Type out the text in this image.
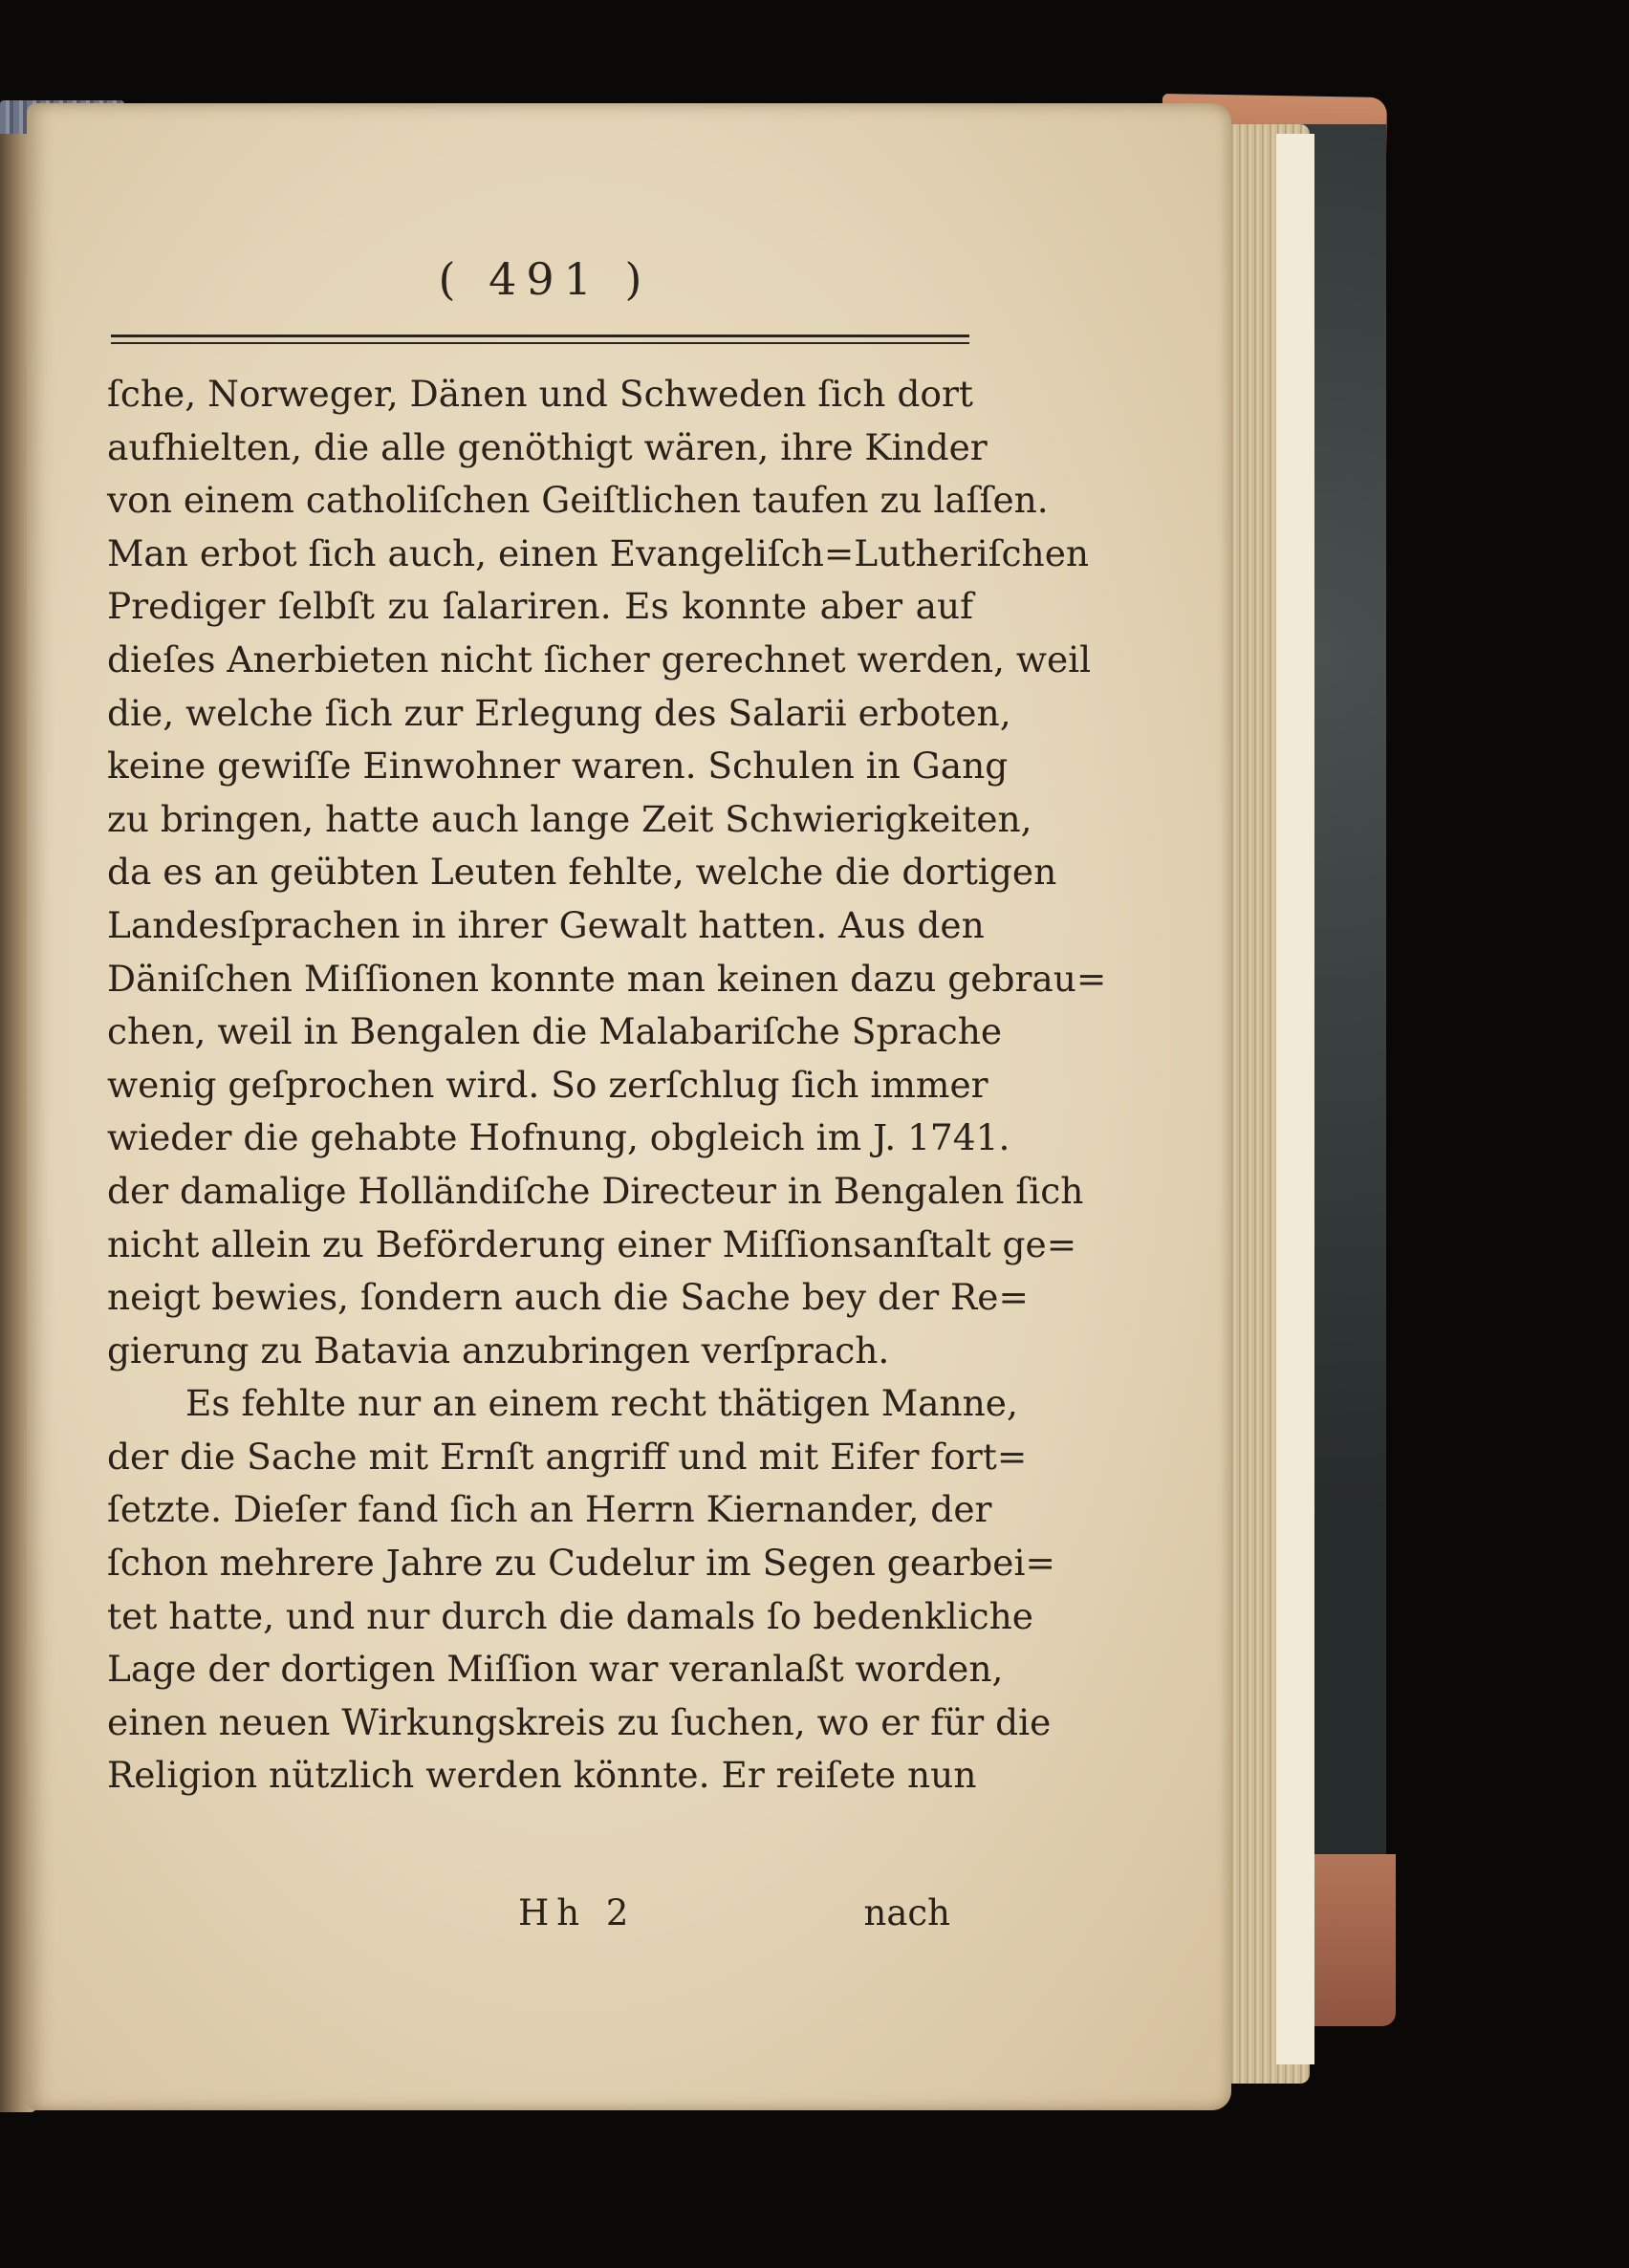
( 491 )
ſche, Norweger, Dänen und Schweden ſich dort
aufhielten, die alle genöthigt wären, ihre Kinder
von einem catholiſchen Geiſtlichen taufen zu laſſen.
Man erbot ſich auch, einen Evangeliſch=Lutheriſchen
Prediger ſelbſt zu ſalariren. Es konnte aber auf
dieſes Anerbieten nicht ſicher gerechnet werden, weil
die, welche ſich zur Erlegung des Salarii erboten,
keine gewiſſe Einwohner waren. Schulen in Gang
zu bringen, hatte auch lange Zeit Schwierigkeiten,
da es an geübten Leuten fehlte, welche die dortigen
Landesſprachen in ihrer Gewalt hatten. Aus den
Däniſchen Miſſionen konnte man keinen dazu gebrau=
chen, weil in Bengalen die Malabariſche Sprache
wenig geſprochen wird. So zerſchlug ſich immer
wieder die gehabte Hofnung, obgleich im J. 1741.
der damalige Holländiſche Directeur in Bengalen ſich
nicht allein zu Beförderung einer Miſſionsanſtalt ge=
neigt bewies, ſondern auch die Sache bey der Re=
gierung zu Batavia anzubringen verſprach.
Es fehlte nur an einem recht thätigen Manne,
der die Sache mit Ernſt angriff und mit Eifer fort=
ſetzte. Dieſer fand ſich an Herrn Kiernander, der
ſchon mehrere Jahre zu Cudelur im Segen gearbei=
tet hatte, und nur durch die damals ſo bedenkliche
Lage der dortigen Miſſion war veranlaßt worden,
einen neuen Wirkungskreis zu ſuchen, wo er für die
Religion nützlich werden könnte. Er reiſete nun
Hh 2	nach
